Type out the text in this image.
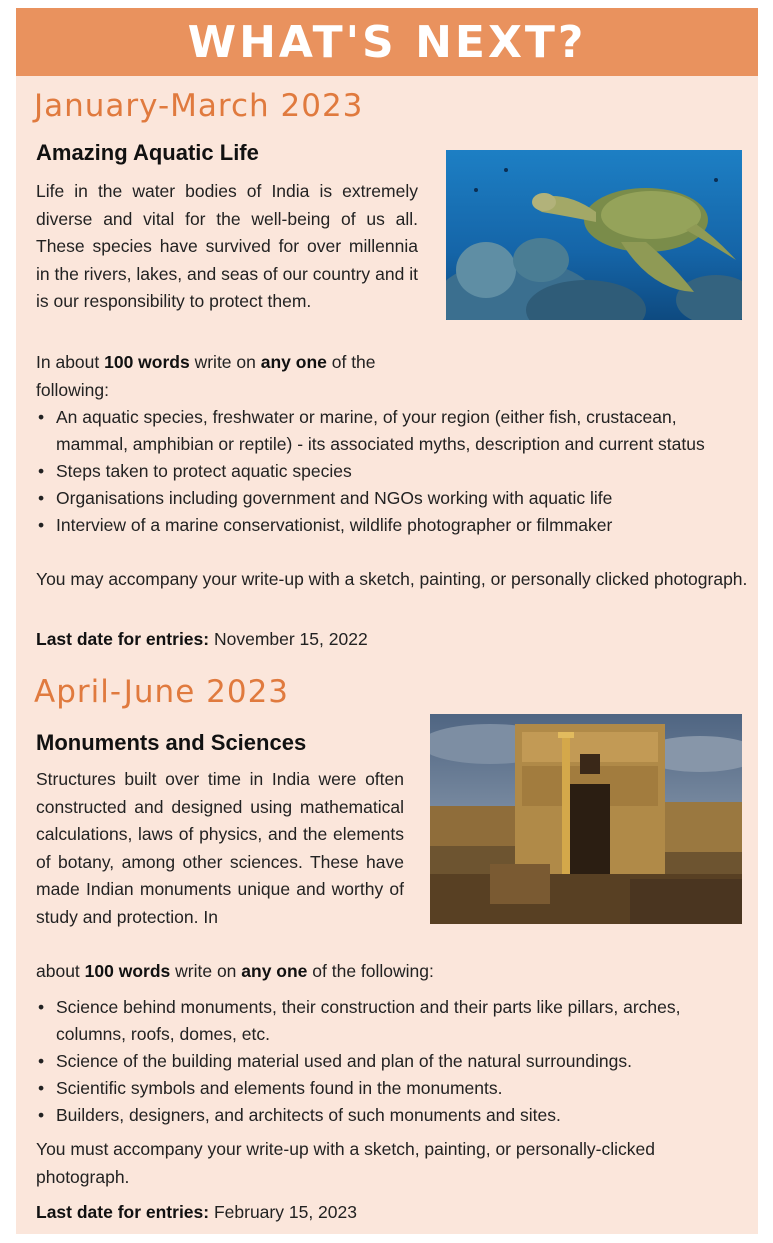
WHAT'S NEXT?
January-March 2023
Amazing Aquatic Life
Life in the water bodies of India is extremely diverse and vital for the well-being of us all. These species have survived for over millennia in the rivers, lakes, and seas of our country and it is our responsibility to protect them.
In about 100 words write on any one of the following:
• An aquatic species, freshwater or marine, of your region (either fish, crustacean, mammal, amphibian or reptile) - its associated myths, description and current status
• Steps taken to protect aquatic species
• Organisations including government and NGOs working with aquatic life
• Interview of a marine conservationist, wildlife photographer or filmmaker
You may accompany your write-up with a sketch, painting, or personally clicked photograph.
Last date for entries: November 15, 2022
April-June 2023
Monuments and Sciences
Structures built over time in India were often constructed and designed using mathematical calculations, laws of physics, and the elements of botany, among other sciences. These have made Indian monuments unique and worthy of study and protection. In
about 100 words write on any one of the following:
• Science behind monuments, their construction and their parts like pillars, arches, columns, roofs, domes, etc.
• Science of the building material used and plan of the natural surroundings.
• Scientific symbols and elements found in the monuments.
• Builders, designers, and architects of such monuments and sites.
You must accompany your write-up with a sketch, painting, or personally-clicked photograph.
Last date for entries: February 15, 2023
